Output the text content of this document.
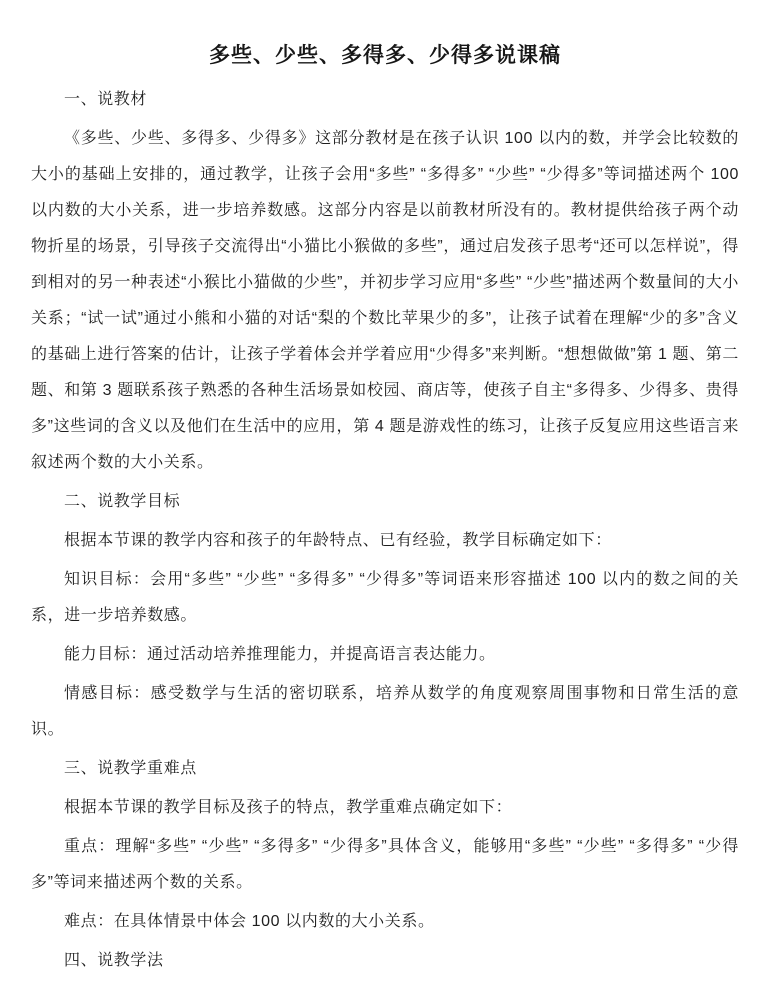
多些、少些、多得多、少得多说课稿

一、说教材

《多些、少些、多得多、少得多》这部分教材是在孩子认识 100 以内的数，并学会比较数的大小的基础上安排的，通过教学，让孩子会用“多些” “多得多” “少些” “少得多”等词描述两个 100 以内数的大小关系，进一步培养数感。这部分内容是以前教材所没有的。教材提供给孩子两个动物折星的场景，引导孩子交流得出“小猫比小猴做的多些”，通过启发孩子思考“还可以怎样说”，得到相对的另一种表述“小猴比小猫做的少些”，并初步学习应用“多些” “少些”描述两个数量间的大小关系；“试一试”通过小熊和小猫的对话“梨的个数比苹果少的多”，让孩子试着在理解“少的多”含义的基础上进行答案的估计，让孩子学着体会并学着应用“少得多”来判断。“想想做做”第 1 题、第二题、和第 3 题联系孩子熟悉的各种生活场景如校园、商店等，使孩子自主“多得多、少得多、贵得多”这些词的含义以及他们在生活中的应用，第 4 题是游戏性的练习，让孩子反复应用这些语言来叙述两个数的大小关系。

二、说教学目标

根据本节课的教学内容和孩子的年龄特点、已有经验，教学目标确定如下：

知识目标：会用“多些” “少些” “多得多” “少得多”等词语来形容描述 100 以内的数之间的关系，进一步培养数感。

能力目标：通过活动培养推理能力，并提高语言表达能力。

情感目标：感受数学与生活的密切联系，培养从数学的角度观察周围事物和日常生活的意识。

三、说教学重难点

根据本节课的教学目标及孩子的特点，教学重难点确定如下：

重点：理解“多些” “少些” “多得多” “少得多”具体含义，能够用“多些” “少些” “多得多” “少得多”等词来描述两个数的关系。

难点：在具体情景中体会 100 以内数的大小关系。

四、说教学法
